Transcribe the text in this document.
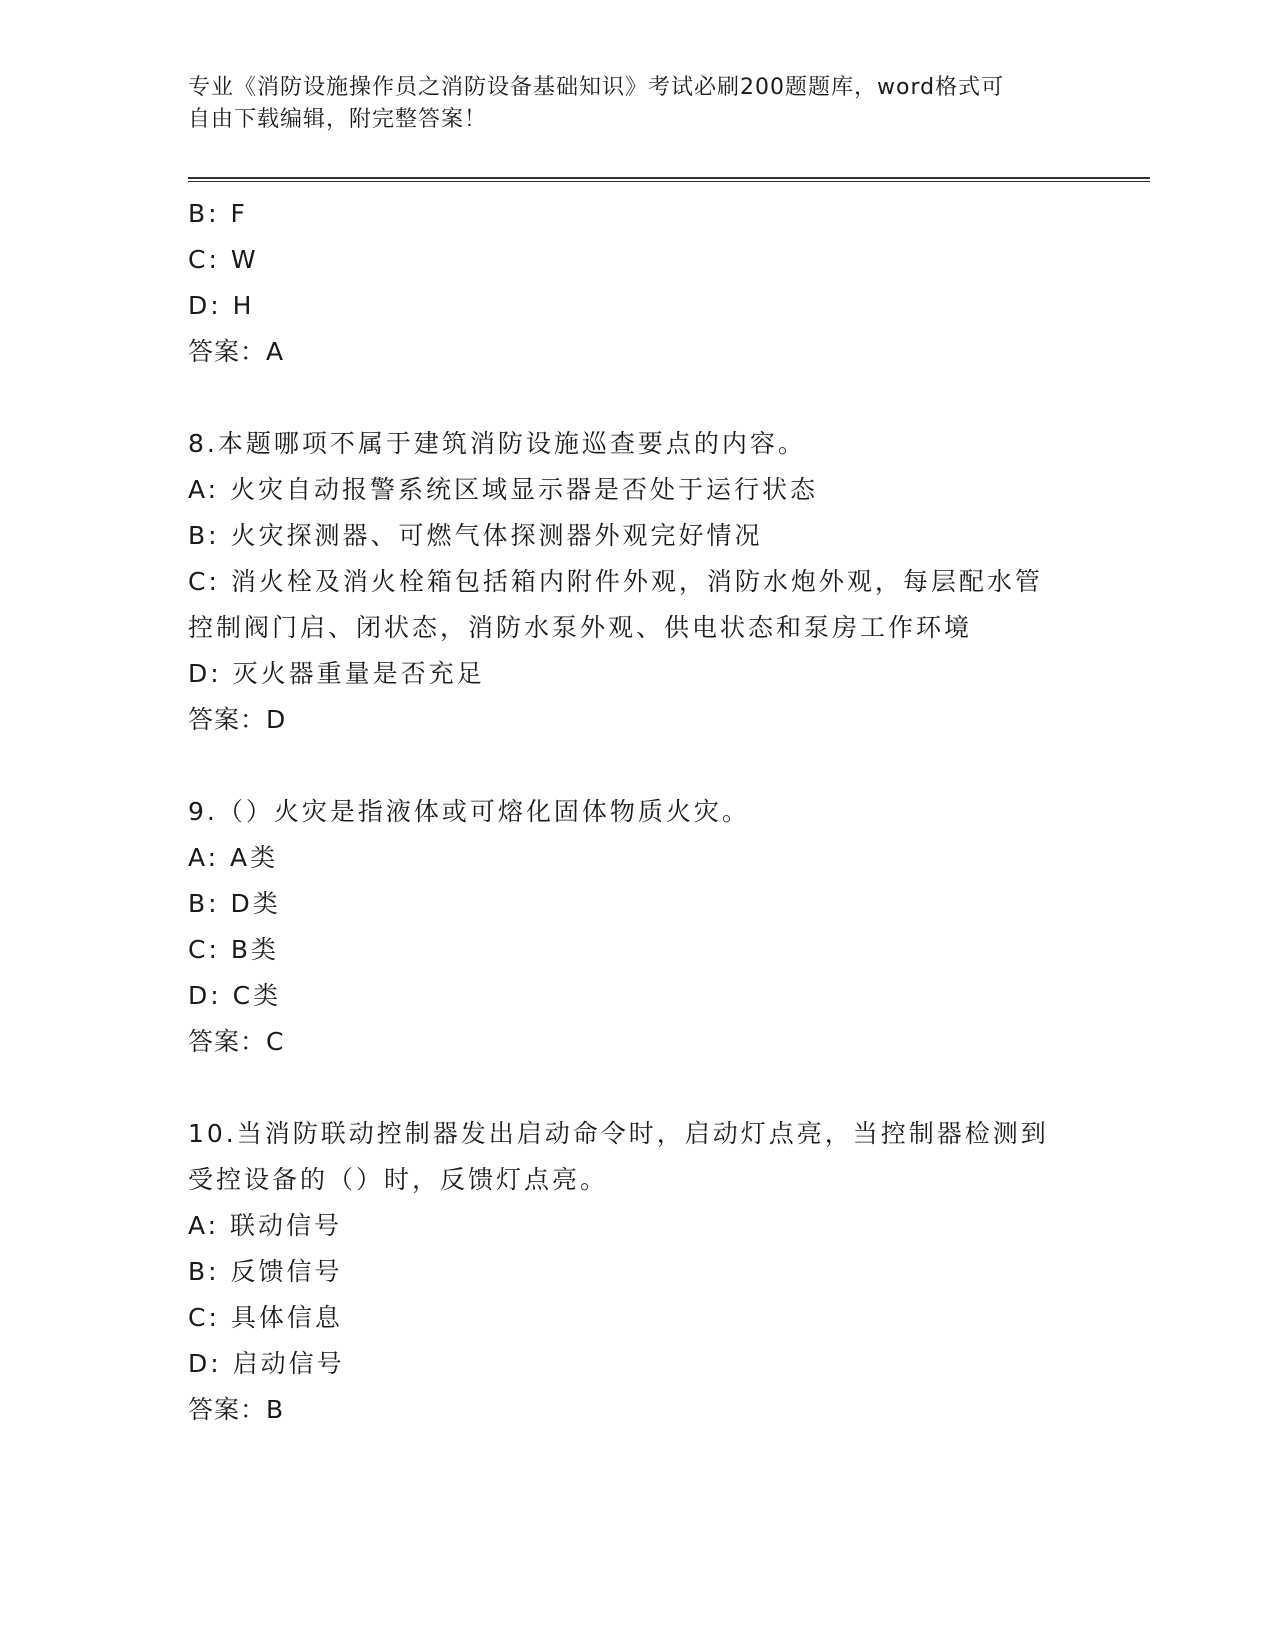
专业《消防设施操作员之消防设备基础知识》考试必刷200题题库，word格式可
自由下载编辑，附完整答案！
B: F
C: W
D: H
答案：A
8.本题哪项不属于建筑消防设施巡查要点的内容。
A: 火灾自动报警系统区域显示器是否处于运行状态
B: 火灾探测器、可燃气体探测器外观完好情况
C: 消火栓及消火栓箱包括箱内附件外观，消防水炮外观，每层配水管
控制阀门启、闭状态，消防水泵外观、供电状态和泵房工作环境
D: 灭火器重量是否充足
答案：D
9.（）火灾是指液体或可熔化固体物质火灾。
A: A类
B: D类
C: B类
D: C类
答案：C
10.当消防联动控制器发出启动命令时，启动灯点亮，当控制器检测到
受控设备的（）时，反馈灯点亮。
A: 联动信号
B: 反馈信号
C: 具体信息
D: 启动信号
答案：B
